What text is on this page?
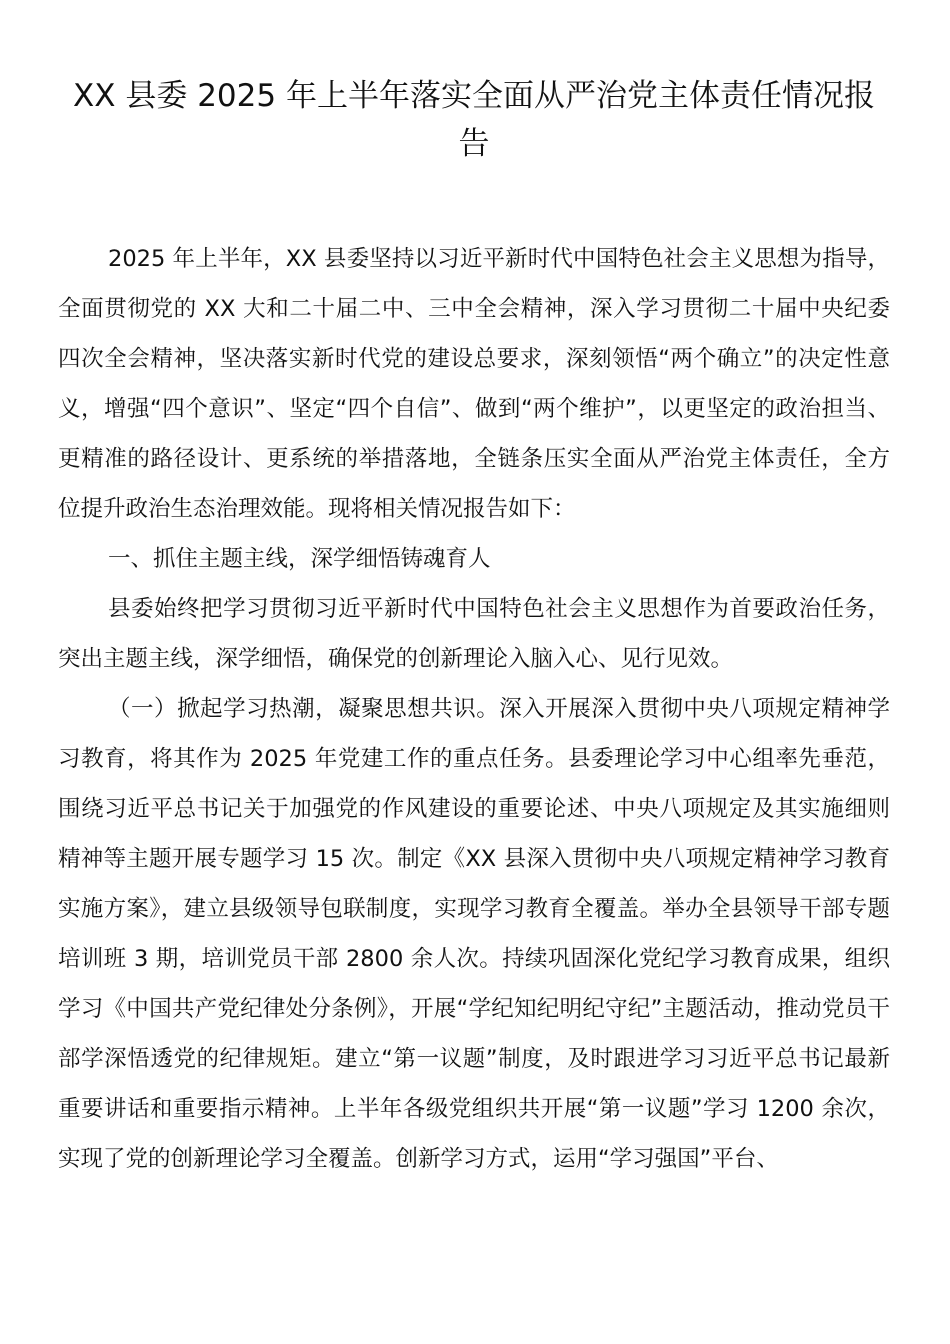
XX 县委 2025 年上半年落实全面从严治党主体责任情况报告

2025 年上半年，XX 县委坚持以习近平新时代中国特色社会主义思想为指导，全面贯彻党的 XX 大和二十届二中、三中全会精神，深入学习贯彻二十届中央纪委四次全会精神，坚决落实新时代党的建设总要求，深刻领悟“两个确立”的决定性意义，增强“四个意识”、坚定“四个自信”、做到“两个维护”，以更坚定的政治担当、更精准的路径设计、更系统的举措落地，全链条压实全面从严治党主体责任，全方位提升政治生态治理效能。现将相关情况报告如下：

一、抓住主题主线，深学细悟铸魂育人

县委始终把学习贯彻习近平新时代中国特色社会主义思想作为首要政治任务，突出主题主线，深学细悟，确保党的创新理论入脑入心、见行见效。

（一）掀起学习热潮，凝聚思想共识。深入开展深入贯彻中央八项规定精神学习教育，将其作为 2025 年党建工作的重点任务。县委理论学习中心组率先垂范，围绕习近平总书记关于加强党的作风建设的重要论述、中央八项规定及其实施细则精神等主题开展专题学习 15 次。制定《XX 县深入贯彻中央八项规定精神学习教育实施方案》，建立县级领导包联制度，实现学习教育全覆盖。举办全县领导干部专题培训班 3 期，培训党员干部 2800 余人次。持续巩固深化党纪学习教育成果，组织学习《中国共产党纪律处分条例》，开展“学纪知纪明纪守纪”主题活动，推动党员干部学深悟透党的纪律规矩。建立“第一议题”制度，及时跟进学习习近平总书记最新重要讲话和重要指示精神。上半年各级党组织共开展“第一议题”学习 1200 余次，实现了党的创新理论学习全覆盖。创新学习方式，运用“学习强国”平台、
